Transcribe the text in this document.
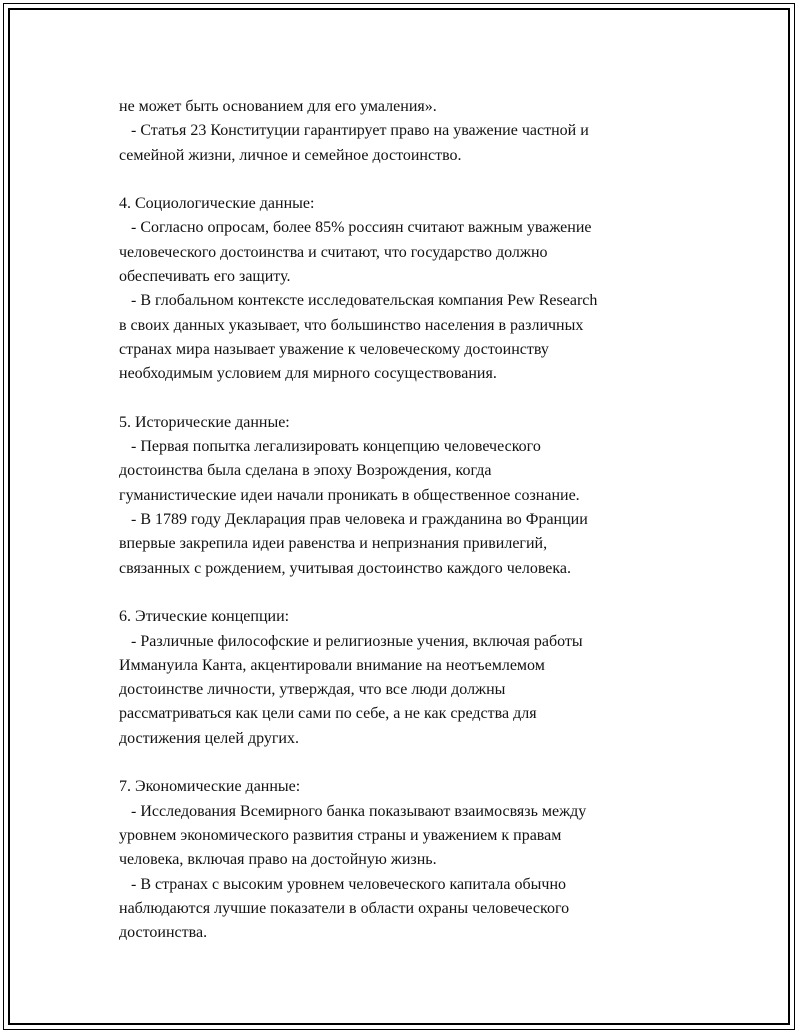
не может быть основанием для его умаления».
- Статья 23 Конституции гарантирует право на уважение частной и
семейной жизни, личное и семейное достоинство.
4. Социологические данные:
- Согласно опросам, более 85% россиян считают важным уважение
человеческого достоинства и считают, что государство должно
обеспечивать его защиту.
- В глобальном контексте исследовательская компания Pew Research
в своих данных указывает, что большинство населения в различных
странах мира называет уважение к человеческому достоинству
необходимым условием для мирного сосуществования.
5. Исторические данные:
- Первая попытка легализировать концепцию человеческого
достоинства была сделана в эпоху Возрождения, когда
гуманистические идеи начали проникать в общественное сознание.
- В 1789 году Декларация прав человека и гражданина во Франции
впервые закрепила идеи равенства и непризнания привилегий,
связанных с рождением, учитывая достоинство каждого человека.
6. Этические концепции:
- Различные философские и религиозные учения, включая работы
Иммануила Канта, акцентировали внимание на неотъемлемом
достоинстве личности, утверждая, что все люди должны
рассматриваться как цели сами по себе, а не как средства для
достижения целей других.
7. Экономические данные:
- Исследования Всемирного банка показывают взаимосвязь между
уровнем экономического развития страны и уважением к правам
человека, включая право на достойную жизнь.
- В странах с высоким уровнем человеческого капитала обычно
наблюдаются лучшие показатели в области охраны человеческого
достоинства.
